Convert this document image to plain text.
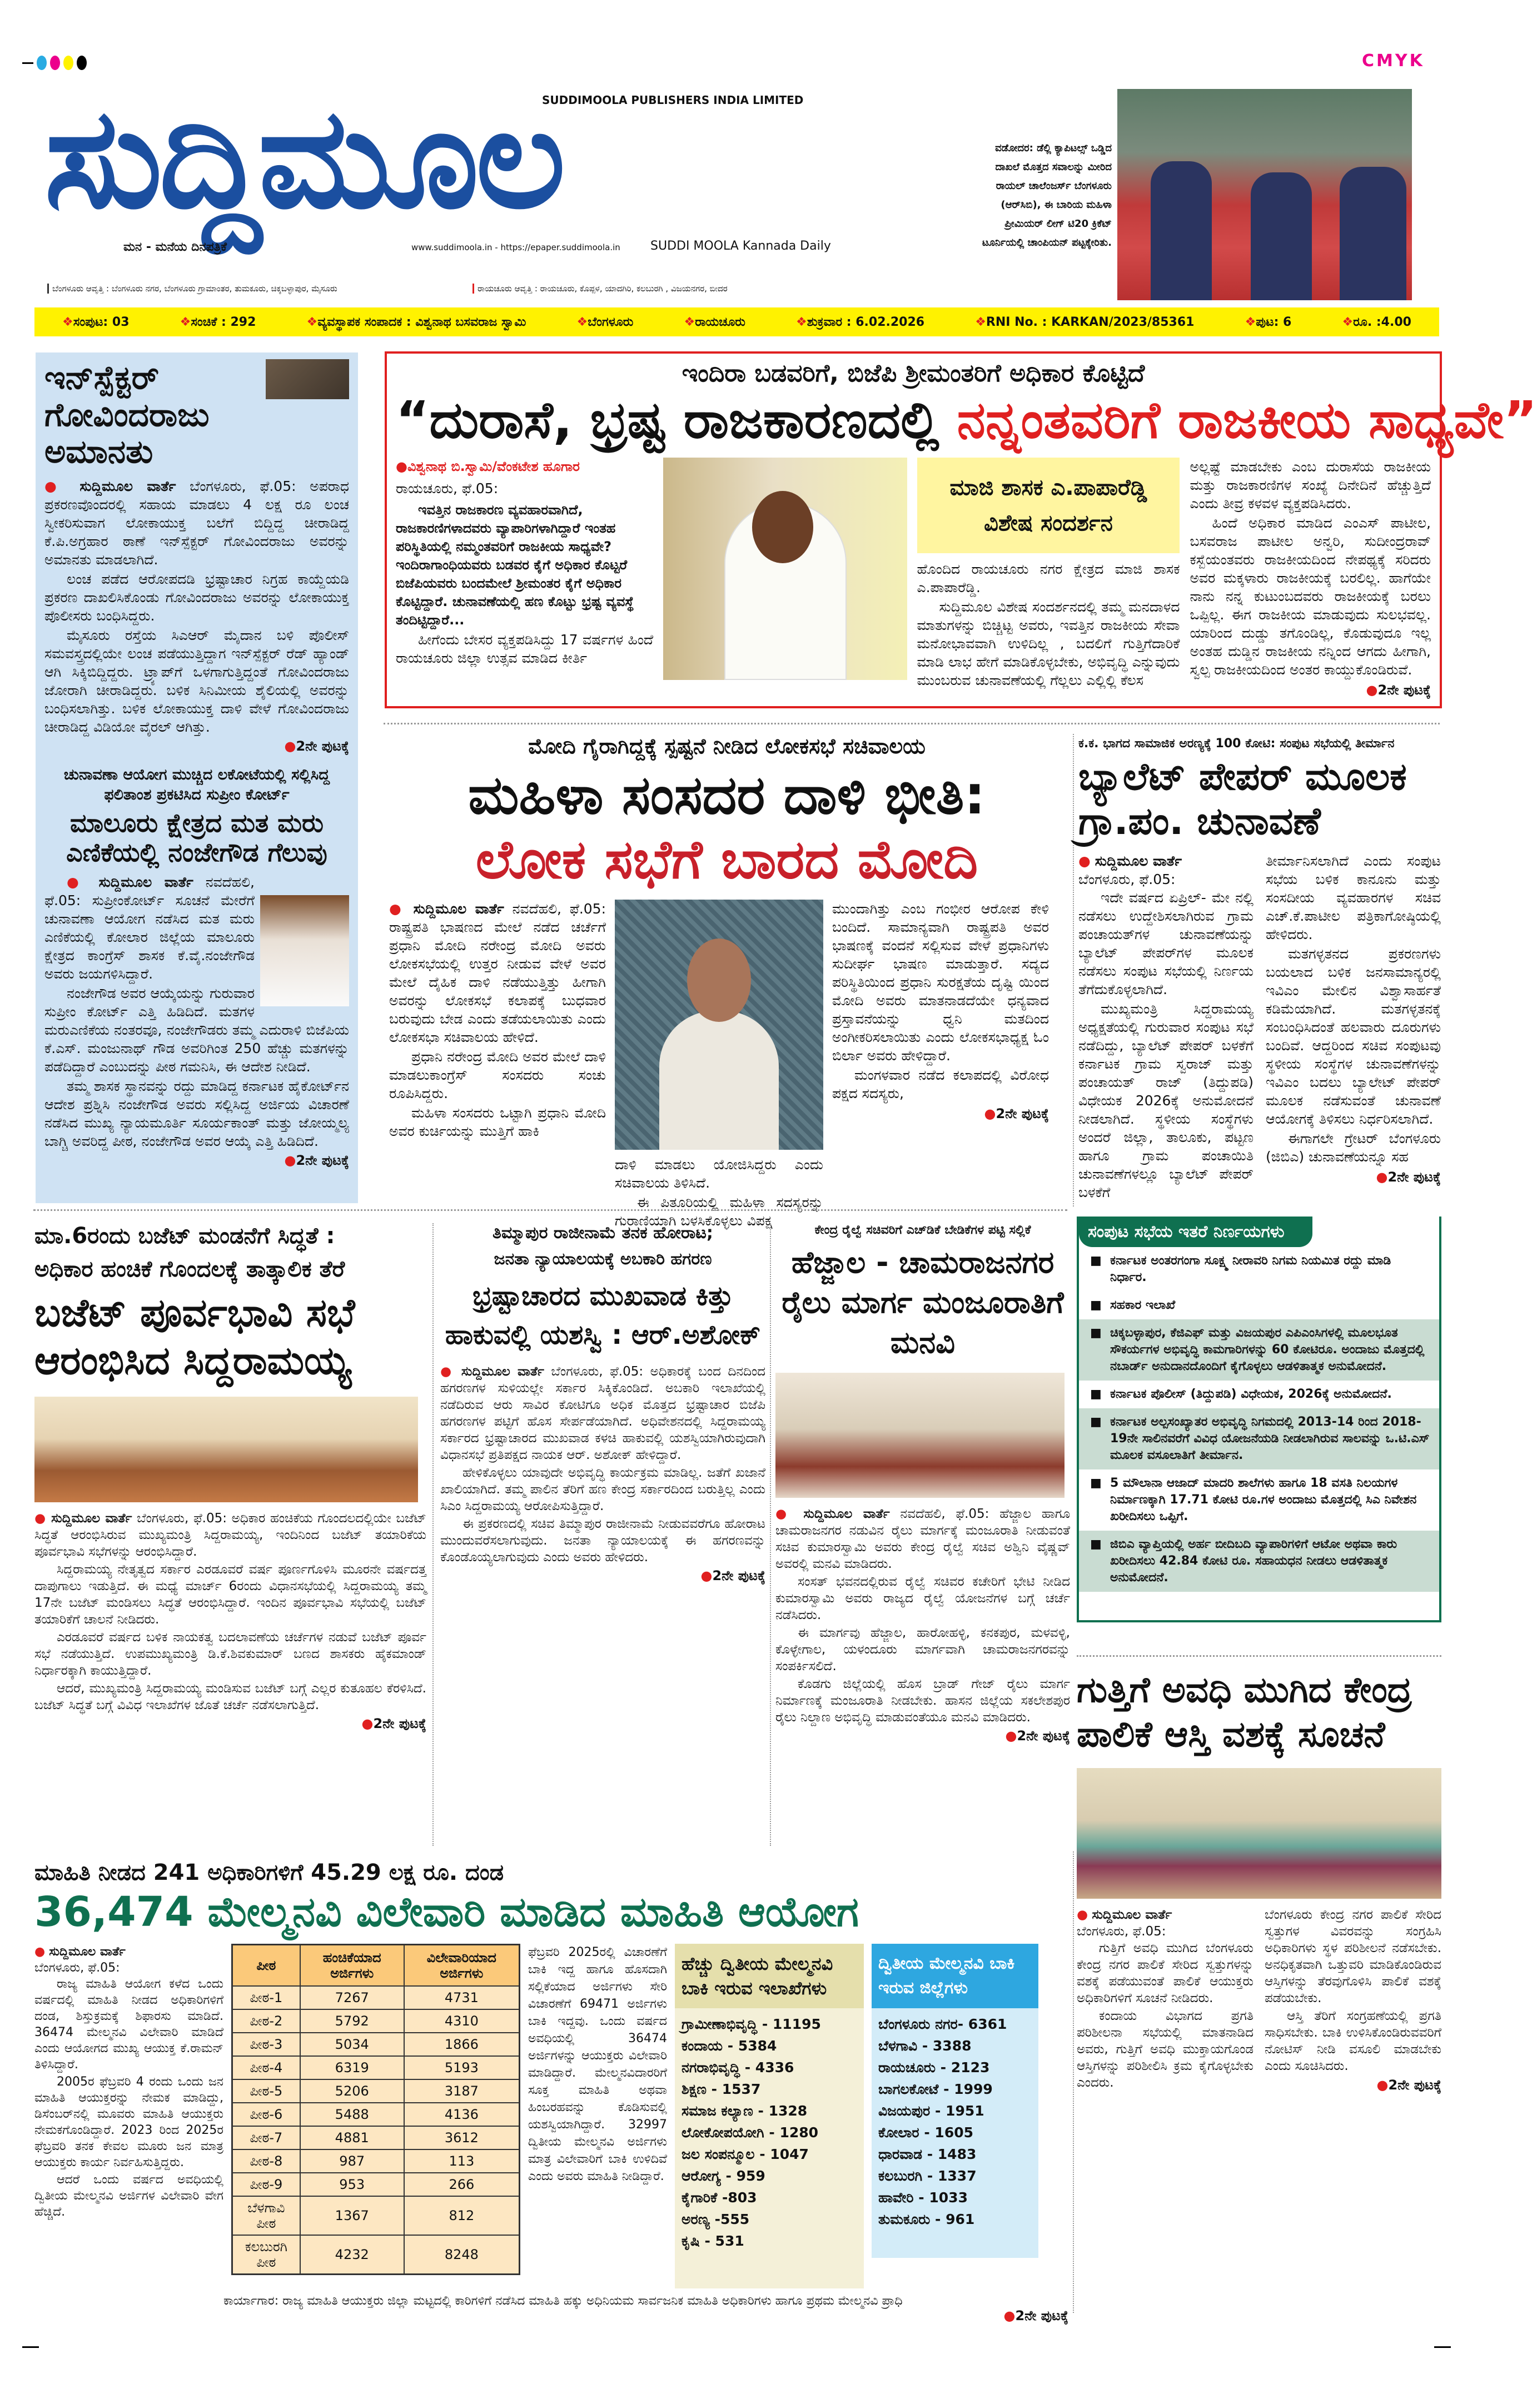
CMYK
ಸುದ್ದಿಮೂಲ
SUDDIMOOLA PUBLISHERS INDIA LIMITED
ಮನ - ಮನೆಯ ದಿನಪತ್ರಿಕೆ	www.suddimoola.in - https://epaper.suddimoola.in SUDDI MOOLA Kannada Daily
ಬೆಂಗಳೂರು ಆವೃತ್ತಿ : ಬೆಂಗಳೂರು ನಗರ, ಬೆಂಗಳೂರು ಗ್ರಾಮಾಂತರ, ತುಮಕೂರು, ಚಿಕ್ಕಬಳ್ಳಾಪುರ, ಮೈಸೂರು	ರಾಯಚೂರು ಆವೃತ್ತಿ : ರಾಯಚೂರು, ಕೊಪ್ಪಳ, ಯಾದಗಿರಿ, ಕಲಬುರಗಿ , ವಿಜಯನಗರ, ಬೀದರ
ವಡೋದರ: ಡೆಲ್ಲಿ ಕ್ಯಾಪಿಟಲ್ಸ್ ಒಡ್ಡಿದ ದಾಖಲೆ ಮೊತ್ತದ ಸವಾಲನ್ನು ಮೀರಿದ ರಾಯಲ್ ಚಾಲೆಂಜರ್ಸ್ ಬೆಂಗಳೂರು (ಆರ್‌ಸಿಬಿ), ಈ ಬಾರಿಯ ಮಹಿಳಾ ಪ್ರೀಮಿಯರ್ ಲೀಗ್ ಟಿ20 ಕ್ರಿಕೆಟ್ ಟೂರ್ನಿಯಲ್ಲಿ ಚಾಂಪಿಯನ್ ಪಟ್ಟಕ್ಕೇರಿತು.
❖ಸಂಪುಟ: 03	❖ಸಂಚಿಕೆ : 292	❖ವ್ಯವಸ್ಥಾಪಕ ಸಂಪಾದಕ : ವಿಶ್ವನಾಥ ಬಸವರಾಜ ಸ್ವಾಮಿ	❖ಬೆಂಗಳೂರು	❖ರಾಯಚೂರು	❖ಶುಕ್ರವಾರ : 6.02.2026	❖RNI No. : KARKAN/2023/85361	❖ಪುಟ: 6	❖ರೂ. :4.00
ಇನ್‌ಸ್ಪೆಕ್ಟರ್ ಗೋವಿಂದರಾಜು ಅಮಾನತು

● ಸುದ್ದಿಮೂಲ ವಾರ್ತೆ ಬೆಂಗಳೂರು, ಫೆ.05: ಅಪರಾಧ ಪ್ರಕರಣವೊಂದರಲ್ಲಿ ಸಹಾಯ ಮಾಡಲು 4 ಲಕ್ಷ ರೂ ಲಂಚ ಸ್ವೀಕರಿಸುವಾಗ ಲೋಕಾಯುಕ್ತ ಬಲೆಗೆ ಬಿದ್ದಿದ್ದ ಚೀರಾಡಿದ್ದ ಕೆ.ಪಿ.ಅಗ್ರಹಾರ ಠಾಣೆ ಇನ್‌ಸ್ಪೆಕ್ಟರ್ ಗೋವಿಂದರಾಜು ಅವರನ್ನು ಅಮಾನತು ಮಾಡಲಾಗಿದೆ.

ಲಂಚ ಪಡೆದ ಆರೋಪದಡಿ ಭ್ರಷ್ಟಾಚಾರ ನಿಗ್ರಹ ಕಾಯ್ದೆಯಡಿ ಪ್ರಕರಣ ದಾಖಲಿಸಿಕೊಂಡು ಗೋವಿಂದರಾಜು ಅವರನ್ನು ಲೋಕಾಯುಕ್ತ ಪೊಲೀಸರು ಬಂಧಿಸಿದ್ದರು.

ಮೈಸೂರು ರಸ್ತೆಯ ಸಿಎಆರ್ ಮೈದಾನ ಬಳಿ ಪೊಲೀಸ್ ಸಮವಸ್ತ್ರದಲ್ಲಿಯೇ ಲಂಚ ಪಡೆಯುತ್ತಿದ್ದಾಗ ಇನ್‌ಸ್ಪೆಕ್ಟರ್ ರೆಡ್ ಹ್ಯಾಂಡ್ ಆಗಿ ಸಿಕ್ಕಿಬಿದ್ದಿದ್ದರು. ಟ್ರ್ಯಾಪ್‌ಗೆ ಒಳಗಾಗುತ್ತಿದ್ದಂತೆ ಗೋವಿಂದರಾಜು ಜೋರಾಗಿ ಚೀರಾಡಿದ್ದರು. ಬಳಿಕ ಸಿನಿಮೀಯ ಶೈಲಿಯಲ್ಲಿ ಅವರನ್ನು ಬಂಧಿಸಲಾಗಿತ್ತು. ಬಳಿಕ ಲೋಕಾಯುಕ್ತ ದಾಳಿ ವೇಳೆ ಗೋವಿಂದರಾಜು ಚೀರಾಡಿದ್ದ ವಿಡಿಯೋ ವೈರಲ್ ಆಗಿತ್ತು.

●2ನೇ ಪುಟಕ್ಕೆ
ಚುನಾವಣಾ ಆಯೋಗ ಮುಚ್ಚಿದ ಲಕೋಟೆಯಲ್ಲಿ ಸಲ್ಲಿಸಿದ್ದ ಫಲಿತಾಂಶ ಪ್ರಕಟಿಸಿದ ಸುಪ್ರೀಂ ಕೋರ್ಟ್
ಮಾಲೂರು ಕ್ಷೇತ್ರದ ಮತ ಮರು ಎಣಿಕೆಯಲ್ಲಿ ನಂಜೇಗೌಡ ಗೆಲುವು

● ಸುದ್ದಿಮೂಲ ವಾರ್ತೆ ನವದೆಹಲಿ, ಫೆ.05: ಸುಪ್ರೀಂಕೋರ್ಟ್ ಸೂಚನೆ ಮೇರೆಗೆ ಚುನಾವಣಾ ಆಯೋಗ ನಡೆಸಿದ ಮತ ಮರು ಎಣಿಕೆಯಲ್ಲಿ ಕೋಲಾರ ಜಿಲ್ಲೆಯ ಮಾಲೂರು ಕ್ಷೇತ್ರದ ಕಾಂಗ್ರೆಸ್ ಶಾಸಕ ಕೆ.ವೈ.ನಂಜೇಗೌಡ ಅವರು ಜಯಗಳಿಸಿದ್ದಾರೆ.

ನಂಜೇಗೌಡ ಅವರ ಆಯ್ಕೆಯನ್ನು ಗುರುವಾರ ಸುಪ್ರೀಂ ಕೋರ್ಟ್ ಎತ್ತಿ ಹಿಡಿದಿದೆ. ಮತಗಳ ಮರುಎಣಿಕೆಯ ನಂತರವೂ, ನಂಜೇಗೌಡರು ತಮ್ಮ ಎದುರಾಳಿ ಬಿಜೆಪಿಯ ಕೆ.ಎಸ್. ಮಂಜುನಾಥ್ ಗೌಡ ಅವರಿಗಿಂತ 250 ಹೆಚ್ಚು ಮತಗಳನ್ನು ಪಡೆದಿದ್ದಾರೆ ಎಂಬುದನ್ನು ಪೀಠ ಗಮನಿಸಿ, ಈ ಆದೇಶ ನೀಡಿದೆ.

ತಮ್ಮ ಶಾಸಕ ಸ್ಥಾನವನ್ನು ರದ್ದು ಮಾಡಿದ್ದ ಕರ್ನಾಟಕ ಹೈಕೋರ್ಟ್‌ನ ಆದೇಶ ಪ್ರಶ್ನಿಸಿ ನಂಜೇಗೌಡ ಅವರು ಸಲ್ಲಿಸಿದ್ದ ಅರ್ಜಿಯ ವಿಚಾರಣೆ ನಡೆಸಿದ ಮುಖ್ಯ ನ್ಯಾಯಮೂರ್ತಿ ಸೂರ್ಯಕಾಂತ್ ಮತ್ತು ಜೋಯ್ಮಲ್ಯ ಬಾಗ್ಚಿ ಅವರಿದ್ದ ಪೀಠ, ನಂಜೇಗೌಡ ಅವರ ಆಯ್ಕೆ ಎತ್ತಿ ಹಿಡಿದಿದೆ.

●2ನೇ ಪುಟಕ್ಕೆ
ಇಂದಿರಾ ಬಡವರಿಗೆ, ಬಿಜೆಪಿ ಶ್ರೀಮಂತರಿಗೆ ಅಧಿಕಾರ ಕೊಟ್ಟಿದೆ
“ದುರಾಸೆ, ಭ್ರಷ್ಟ ರಾಜಕಾರಣದಲ್ಲಿ ನನ್ನಂತವರಿಗೆ ರಾಜಕೀಯ ಸಾಧ್ಯವೇ”
●ವಿಶ್ವನಾಥ ಬಿ.ಸ್ವಾಮಿ/ವೆಂಕಟೇಶ ಹೂಗಾರ
ರಾಯಚೂರು, ಫೆ.05:

ಇವತ್ತಿನ ರಾಜಕಾರಣ ವ್ಯವಹಾರವಾಗಿದೆ, ರಾಜಕಾರಣಿಗಳಾದವರು ವ್ಯಾಪಾರಿಗಳಾಗಿದ್ದಾರೆ ಇಂತಹ ಪರಿಸ್ಥಿತಿಯಲ್ಲಿ ನಮ್ಮಂತವರಿಗೆ ರಾಜಕೀಯ ಸಾಧ್ಯವೇ? ಇಂದಿರಾಗಾಂಧಿಯವರು ಬಡವರ ಕೈಗೆ ಅಧಿಕಾರ ಕೊಟ್ಟರೆ ಬಿಜೆಪಿಯವರು ಬಂದಮೇಲೆ ಶ್ರೀಮಂತರ ಕೈಗೆ ಅಧಿಕಾರ ಕೊಟ್ಟಿದ್ದಾರೆ. ಚುನಾವಣೆಯಲ್ಲಿ ಹಣ ಕೊಟ್ಟು ಭ್ರಷ್ಟ ವ್ಯವಸ್ಥೆ ತಂದಿಟ್ಟಿದ್ದಾರೆ...

ಹೀಗೆಂದು ಬೇಸರ ವ್ಯಕ್ತಪಡಿಸಿದ್ದು 17 ವರ್ಷಗಳ ಹಿಂದೆ ರಾಯಚೂರು ಜಿಲ್ಲಾ ಉತ್ಸವ ಮಾಡಿದ ಕೀರ್ತಿ

ಮಾಜಿ ಶಾಸಕ ಎ.ಪಾಪಾರೆಡ್ಡಿ
ವಿಶೇಷ ಸಂದರ್ಶನ

ಹೊಂದಿದ ರಾಯಚೂರು ನಗರ ಕ್ಷೇತ್ರದ ಮಾಜಿ ಶಾಸಕ ಎ.ಪಾಪಾರೆಡ್ಡಿ.

ಸುದ್ದಿಮೂಲ ವಿಶೇಷ ಸಂದರ್ಶನದಲ್ಲಿ ತಮ್ಮ ಮನದಾಳದ ಮಾತುಗಳನ್ನು ಬಿಚ್ಚಿಟ್ಟ ಅವರು, ಇವತ್ತಿನ ರಾಜಕೀಯ ಸೇವಾ ಮನೋಭಾವವಾಗಿ ಉಳಿದಿಲ್ಲ , ಬದಲಿಗೆ ಗುತ್ತಿಗೆದಾರಿಕೆ ಮಾಡಿ ಲಾಭ ಹೇಗೆ ಮಾಡಿಕೊಳ್ಳಬೇಕು, ಅಭಿವೃದ್ಧಿ ಎನ್ನುವುದು ಮುಂಬರುವ ಚುನಾವಣೆಯಲ್ಲಿ ಗೆಲ್ಲಲು ಎಲ್ಲಿಲ್ಲಿ ಕೆಲಸ

ಅಲ್ಲಷ್ಟೆ ಮಾಡಬೇಕು ಎಂಬ ದುರಾಸೆಯ ರಾಜಕೀಯ ಮತ್ತು ರಾಜಕಾರಣಿಗಳ ಸಂಖ್ಯೆ ದಿನೇದಿನೆ ಹೆಚ್ಚುತ್ತಿದೆ ಎಂದು ತೀವ್ರ ಕಳವಳ ವ್ಯಕ್ತಪಡಿಸಿದರು.

ಹಿಂದೆ ಅಧಿಕಾರ ಮಾಡಿದ ಎಂಎಸ್ ಪಾಟೀಲ, ಬಸವರಾಜ ಪಾಟೀಲ ಅನ್ವರಿ, ಸುದೀಂದ್ರರಾವ್ ಕಸ್ಬೆಯಂತವರು ರಾಜಕೀಯದಿಂದ ನೇಪಥ್ಯಕ್ಕೆ ಸರಿದರು ಅವರ ಮಕ್ಕಳಾರು ರಾಜಕೀಯಕ್ಕೆ ಬರಲಿಲ್ಲ. ಹಾಗೆಯೇ ನಾನು ನನ್ನ ಕುಟುಂಬದವರು ರಾಜಕೀಯಕ್ಕೆ ಬರಲು ಒಪ್ಪಿಲ್ಲ. ಈಗ ರಾಜಕೀಯ ಮಾಡುವುದು ಸುಲಭವಲ್ಲ. ಯಾರಿಂದ ದುಡ್ಡು ತಗೊಂಡಿಲ್ಲ, ಕೊಡುವುದೂ ಇಲ್ಲ ಅಂತಹ ದುಡ್ಡಿನ ರಾಜಕೀಯ ನನ್ನಿಂದ ಆಗದು ಹೀಗಾಗಿ, ಸ್ವಲ್ಪ ರಾಜಕೀಯದಿಂದ ಅಂತರ ಕಾಯ್ದುಕೊಂಡಿರುವೆ.

●2ನೇ ಪುಟಕ್ಕೆ
ಮೋದಿ ಗೈರಾಗಿದ್ದಕ್ಕೆ ಸ್ಪಷ್ಟನೆ ನೀಡಿದ ಲೋಕಸಭೆ ಸಚಿವಾಲಯ
ಮಹಿಳಾ ಸಂಸದರ ದಾಳಿ ಭೀತಿ:
ಲೋಕ ಸಭೆಗೆ ಬಾರದ ಮೋದಿ

● ಸುದ್ದಿಮೂಲ ವಾರ್ತೆ ನವದೆಹಲಿ, ಫೆ.05: ರಾಷ್ಟ್ರಪತಿ ಭಾಷಣದ ಮೇಲೆ ನಡೆದ ಚರ್ಚೆಗೆ ಪ್ರಧಾನಿ ಮೋದಿ ನರೇಂದ್ರ ಮೋದಿ ಅವರು ಲೋಕಸಭೆಯಲ್ಲಿ ಉತ್ತರ ನೀಡುವ ವೇಳೆ ಅವರ ಮೇಲೆ ದೈಹಿಕ ದಾಳಿ ನಡೆಯುತ್ತಿತ್ತು ಹೀಗಾಗಿ ಅವರನ್ನು ಲೋಕಸಭೆ ಕಲಾಪಕ್ಕೆ ಬುಧವಾರ ಬರುವುದು ಬೇಡ ಎಂದು ತಡೆಯಲಾಯಿತು ಎಂದು ಲೋಕಸಭಾ ಸಚಿವಾಲಯ ಹೇಳಿದೆ.

ಪ್ರಧಾನಿ ನರೇಂದ್ರ ಮೋದಿ ಅವರ ಮೇಲೆ ದಾಳಿ ಮಾಡಲುಕಾಂಗ್ರೆಸ್ ಸಂಸದರು ಸಂಚು ರೂಪಿಸಿದ್ದರು.

ಮಹಿಳಾ ಸಂಸದರು ಒಟ್ಟಾಗಿ ಪ್ರಧಾನಿ ಮೋದಿ ಅವರ ಕುರ್ಚಿಯನ್ನು ಮುತ್ತಿಗೆ ಹಾಕಿ

ದಾಳಿ ಮಾಡಲು ಯೋಜಿಸಿದ್ದರು ಎಂದು ಸಚಿವಾಲಯ ತಿಳಿಸಿದೆ.

ಈ ಪಿತೂರಿಯಲ್ಲಿ ಮಹಿಳಾ ಸದಸ್ಯರನ್ನು ಗುರಾಣಿಯಾಗಿ ಬಳಸಿಕೊಳ್ಳಲು ವಿಪಕ್ಷ

ಮುಂದಾಗಿತ್ತು ಎಂಬ ಗಂಭೀರ ಆರೋಪ ಕೇಳಿ ಬಂದಿದೆ. ಸಾಮಾನ್ಯವಾಗಿ ರಾಷ್ಟ್ರಪತಿ ಅವರ ಭಾಷಣಕ್ಕೆ ವಂದನೆ ಸಲ್ಲಿಸುವ ವೇಳೆ ಪ್ರಧಾನಿಗಳು ಸುದೀರ್ಘ ಭಾಷಣ ಮಾಡುತ್ತಾರೆ. ಸದ್ಯದ ಪರಿಸ್ಥಿತಿಯಿಂದ ಪ್ರಧಾನಿ ಸುರಕ್ಷತೆಯ ದೃಷ್ಟಿ ಯಿಂದ ಮೋದಿ ಅವರು ಮಾತನಾಡದೆಯೇ ಧನ್ಯವಾದ ಪ್ರಸ್ತಾವನೆಯನ್ನು ಧ್ವನಿ ಮತದಿಂದ ಅಂಗೀಕರಿಸಲಾಯಿತು ಎಂದು ಲೋಕಸಭಾಧ್ಯಕ್ಷ ಓಂ ಬಿರ್ಲಾ ಅವರು ಹೇಳಿದ್ದಾರೆ.

ಮಂಗಳವಾರ ನಡೆದ ಕಲಾಪದಲ್ಲಿ ವಿರೋಧ ಪಕ್ಷದ ಸದಸ್ಯರು,

●2ನೇ ಪುಟಕ್ಕೆ
ಕ.ಕ. ಭಾಗದ ಸಾಮಾಜಿಕ ಅರಣ್ಯಕ್ಕೆ 100 ಕೋಟಿ: ಸಂಪುಟ ಸಭೆಯಲ್ಲಿ ತೀರ್ಮಾನ
ಬ್ಯಾಲೆಟ್ ಪೇಪರ್ ಮೂಲಕ ಗ್ರಾ.ಪಂ. ಚುನಾವಣೆ
● ಸುದ್ದಿಮೂಲ ವಾರ್ತೆ
ಬೆಂಗಳೂರು, ಫೆ.05:

ಇದೇ ವರ್ಷದ ಏಪ್ರಿಲ್- ಮೇ ನಲ್ಲಿ ನಡೆಸಲು ಉದ್ದೇಶಿಸಲಾಗಿರುವ ಗ್ರಾಮ ಪಂಚಾಯತ್‌ಗಳ ಚುನಾವಣೆಯನ್ನು ಬ್ಯಾಲೆಟ್ ಪೇಪರ್‌ಗಳ ಮೂಲಕ ನಡೆಸಲು ಸಂಪುಟ ಸಭೆಯಲ್ಲಿ ನಿರ್ಣಯ ತೆಗೆದುಕೊಳ್ಳಲಾಗಿದೆ.

ಮುಖ್ಯಮಂತ್ರಿ ಸಿದ್ದರಾಮಯ್ಯ ಅಧ್ಯಕ್ಷತೆಯಲ್ಲಿ ಗುರುವಾರ ಸಂಪುಟ ಸಭೆ ನಡೆದಿದ್ದು, ಬ್ಯಾಲೆಟ್ ಪೇಪರ್ ಬಳಕೆಗೆ ಕರ್ನಾಟಕ ಗ್ರಾಮ ಸ್ವರಾಜ್ ಮತ್ತು ಪಂಚಾಯತ್ ರಾಜ್ (ತಿದ್ದುಪಡಿ) ವಿಧೇಯಕ 2026ಕ್ಕೆ ಅನುಮೋದನೆ ನೀಡಲಾಗಿದೆ. ಸ್ಥಳೀಯ ಸಂಸ್ಥೆಗಳು ಅಂದರೆ ಜಿಲ್ಲಾ, ತಾಲೂಕು, ಪಟ್ಟಣ ಹಾಗೂ ಗ್ರಾಮ ಪಂಚಾಯಿತಿ ಚುನಾವಣೆಗಳಲ್ಲೂ ಬ್ಯಾಲೆಟ್ ಪೇಪರ್ ಬಳಕೆಗೆ

ತೀರ್ಮಾನಿಸಲಾಗಿದೆ ಎಂದು ಸಂಪುಟ ಸಭೆಯ ಬಳಿಕ ಕಾನೂನು ಮತ್ತು ಸಂಸದೀಯ ವ್ಯವಹಾರಗಳ ಸಚಿವ ಎಚ್.ಕೆ.ಪಾಟೀಲ ಪತ್ರಿಕಾಗೋಷ್ಠಿಯಲ್ಲಿ ಹೇಳಿದರು.

ಮತಗಳ್ಳತನದ ಪ್ರಕರಣಗಳು ಬಯಲಾದ ಬಳಿಕ ಜನಸಾಮಾನ್ಯರಲ್ಲಿ ಇವಿಎಂ ಮೇಲಿನ ವಿಶ್ವಾಸಾರ್ಹತೆ ಕಡಿಮೆಯಾಗಿದೆ. ಮತಗಳ್ಳತನಕ್ಕೆ ಸಂಬಂಧಿಸಿದಂತೆ ಹಲವಾರು ದೂರುಗಳು ಬಂದಿವೆ. ಆದ್ದರಿಂದ ಸಚಿವ ಸಂಪುಟವು ಸ್ಥಳೀಯ ಸಂಸ್ಥೆಗಳ ಚುನಾವಣೆಗಳನ್ನು ಇವಿಎಂ ಬದಲು ಬ್ಯಾಲೇಟ್ ಪೇಪರ್ ಮೂಲಕ ನಡೆಸುವಂತೆ ಚುನಾವಣೆ ಆಯೋಗಕ್ಕೆ ತಿಳಿಸಲು ನಿರ್ಧರಿಸಲಾಗಿದೆ.

ಈಗಾಗಲೇ ಗ್ರೇಟರ್ ಬೆಂಗಳೂರು (ಜಿಬಿಎ) ಚುನಾವಣೆಯನ್ನೂ ಸಹ

●2ನೇ ಪುಟಕ್ಕೆ
ಮಾ.6ರಂದು ಬಜೆಟ್ ಮಂಡನೆಗೆ ಸಿದ್ಧತೆ :
ಅಧಿಕಾರ ಹಂಚಿಕೆ ಗೊಂದಲಕ್ಕೆ ತಾತ್ಕಾಲಿಕ ತೆರೆ
ಬಜೆಟ್ ಪೂರ್ವಭಾವಿ ಸಭೆ ಆರಂಭಿಸಿದ ಸಿದ್ದರಾಮಯ್ಯ

● ಸುದ್ದಿಮೂಲ ವಾರ್ತೆ ಬೆಂಗಳೂರು, ಫೆ.05: ಅಧಿಕಾರ ಹಂಚಿಕೆಯ ಗೊಂದಲದಲ್ಲಿಯೇ ಬಜೆಟ್ ಸಿದ್ಧತೆ ಆರಂಭಿಸಿರುವ ಮುಖ್ಯಮಂತ್ರಿ ಸಿದ್ದರಾಮಯ್ಯ, ಇಂದಿನಿಂದ ಬಜೆಟ್ ತಯಾರಿಕೆಯ ಪೂರ್ವಭಾವಿ ಸಭೆಗಳನ್ನು ಆರಂಭಿಸಿದ್ದಾರೆ.

ಸಿದ್ದರಾಮಯ್ಯ ನೇತೃತ್ವದ ಸರ್ಕಾರ ಎರಡೂವರೆ ವರ್ಷ ಪೂರ್ಣಗೊಳಿಸಿ ಮೂರನೇ ವರ್ಷದತ್ತ ದಾಪುಗಾಲು ಇಡುತ್ತಿದೆ. ಈ ಮಧ್ಯೆ ಮಾರ್ಚ್ 6ರಂದು ವಿಧಾನಸಭೆಯಲ್ಲಿ ಸಿದ್ದರಾಮಯ್ಯ ತಮ್ಮ 17ನೇ ಬಜೆಟ್ ಮಂಡಿಸಲು ಸಿದ್ಧತೆ ಆರಂಭಿಸಿದ್ದಾರೆ. ಇಂದಿನ ಪೂರ್ವಭಾವಿ ಸಭೆಯಲ್ಲಿ ಬಜೆಟ್ ತಯಾರಿಕೆಗೆ ಚಾಲನೆ ನೀಡಿದರು.

ಎರಡೂವರೆ ವರ್ಷದ ಬಳಿಕ ನಾಯಕತ್ವ ಬದಲಾವಣೆಯ ಚರ್ಚೆಗಳ ನಡುವೆ ಬಜೆಟ್ ಪೂರ್ವ ಸಭೆ ನಡೆಯುತ್ತಿದೆ. ಉಪಮುಖ್ಯಮಂತ್ರಿ ಡಿ.ಕೆ.ಶಿವಕುಮಾರ್ ಬಣದ ಶಾಸಕರು ಹೈಕಮಾಂಡ್ ನಿರ್ಧಾರಕ್ಕಾಗಿ ಕಾಯುತ್ತಿದ್ದಾರೆ.

ಆದರೆ, ಮುಖ್ಯಮಂತ್ರಿ ಸಿದ್ದರಾಮಯ್ಯ ಮಂಡಿಸುವ ಬಜೆಟ್ ಬಗ್ಗೆ ಎಲ್ಲರ ಕುತೂಹಲ ಕೆರಳಿಸಿದೆ. ಬಜೆಟ್ ಸಿದ್ಧತೆ ಬಗ್ಗೆ ವಿವಿಧ ಇಲಾಖೆಗಳ ಜೊತೆ ಚರ್ಚೆ ನಡೆಸಲಾಗುತ್ತಿದೆ.

●2ನೇ ಪುಟಕ್ಕೆ
ತಿಮ್ಮಾಪುರ ರಾಜೀನಾಮೆ ತನಕ ಹೋರಾಟ;
ಜನತಾ ನ್ಯಾಯಾಲಯಕ್ಕೆ ಅಬಕಾರಿ ಹಗರಣ
ಭ್ರಷ್ಟಾಚಾರದ ಮುಖವಾಡ ಕಿತ್ತು ಹಾಕುವಲ್ಲಿ ಯಶಸ್ವಿ : ಆರ್.ಅಶೋಕ್

● ಸುದ್ದಿಮೂಲ ವಾರ್ತೆ ಬೆಂಗಳೂರು, ಫೆ.05: ಅಧಿಕಾರಕ್ಕೆ ಬಂದ ದಿನದಿಂದ ಹಗರಣಗಳ ಸುಳಿಯಲ್ಲೇ ಸರ್ಕಾರ ಸಿಕ್ಕಿಕೊಂಡಿದೆ. ಅಬಕಾರಿ ಇಲಾಖೆಯಲ್ಲಿ ನಡೆದಿರುವ ಆರು ಸಾವಿರ ಕೋಟಿಗೂ ಅಧಿಕ ಮೊತ್ತದ ಭ್ರಷ್ಟಾಚಾರ ಬಿಜೆಪಿ ಹಗರಣಗಳ ಪಟ್ಟಿಗೆ ಹೊಸ ಸೇರ್ಪಡೆಯಾಗಿದೆ. ಅಧಿವೇಶನದಲ್ಲಿ ಸಿದ್ದರಾಮಯ್ಯ ಸರ್ಕಾರದ ಭ್ರಷ್ಟಾಚಾರದ ಮುಖವಾಡ ಕಳಚಿ ಹಾಕುವಲ್ಲಿ ಯಶಸ್ವಿಯಾಗಿರುವುದಾಗಿ ವಿಧಾನಸಭೆ ಪ್ರತಿಪಕ್ಷದ ನಾಯಕ ಆರ್. ಅಶೋಕ್ ಹೇಳಿದ್ದಾರೆ.

ಹೇಳಿಕೊಳ್ಳಲು ಯಾವುದೇ ಅಭಿವೃದ್ಧಿ ಕಾರ್ಯಕ್ರಮ ಮಾಡಿಲ್ಲ. ಜತೆಗೆ ಖಜಾನೆ ಖಾಲಿಯಾಗಿದೆ. ತಮ್ಮ ಪಾಲಿನ ತೆರಿಗೆ ಹಣ ಕೇಂದ್ರ ಸರ್ಕಾರದಿಂದ ಬರುತ್ತಿಲ್ಲ ಎಂದು ಸಿಎಂ ಸಿದ್ದರಾಮಯ್ಯ ಆರೋಪಿಸುತ್ತಿದ್ದಾರೆ.

ಈ ಪ್ರಕರಣದಲ್ಲಿ ಸಚಿವ ತಿಮ್ಮಾಪುರ ರಾಜೀನಾಮೆ ನೀಡುವವರೆಗೂ ಹೋರಾಟ ಮುಂದುವರೆಸಲಾಗುವುದು. ಜನತಾ ನ್ಯಾಯಾಲಯಕ್ಕೆ ಈ ಹಗರಣವನ್ನು ಕೊಂಡೊಯ್ಯಲಾಗುವುದು ಎಂದು ಅವರು ಹೇಳಿದರು.

●2ನೇ ಪುಟಕ್ಕೆ
ಕೇಂದ್ರ ರೈಲ್ವೆ ಸಚಿವರಿಗೆ ಎಚ್‌ಡಿಕೆ ಬೇಡಿಕೆಗಳ ಪಟ್ಟಿ ಸಲ್ಲಿಕೆ
ಹೆಜ್ಜಾಲ - ಚಾಮರಾಜನಗರ ರೈಲು ಮಾರ್ಗ ಮಂಜೂರಾತಿಗೆ ಮನವಿ

● ಸುದ್ದಿಮೂಲ ವಾರ್ತೆ ನವದೆಹಲಿ, ಫೆ.05: ಹೆಜ್ಜಾಲ ಹಾಗೂ ಚಾಮರಾಜನಗರ ನಡುವಿನ ರೈಲು ಮಾರ್ಗಕ್ಕೆ ಮಂಜೂರಾತಿ ನೀಡುವಂತೆ ಸಚಿವ ಕುಮಾರಸ್ವಾಮಿ ಅವರು ಕೇಂದ್ರ ರೈಲ್ವೆ ಸಚಿವ ಅಶ್ವಿನಿ ವೈಷ್ಣವ್ ಅವರಲ್ಲಿ ಮನವಿ ಮಾಡಿದರು.

ಸಂಸತ್ ಭವನದಲ್ಲಿರುವ ರೈಲ್ವೆ ಸಚಿವರ ಕಚೇರಿಗೆ ಭೇಟಿ ನೀಡಿದ ಕುಮಾರಸ್ವಾಮಿ ಅವರು ರಾಜ್ಯದ ರೈಲ್ವೆ ಯೋಜನೆಗಳ ಬಗ್ಗೆ ಚರ್ಚೆ ನಡೆಸಿದರು.

ಈ ಮಾರ್ಗವು ಹೆಜ್ಜಾಲ, ಹಾರೋಹಳ್ಳಿ, ಕನಕಪುರ, ಮಳವಳ್ಳಿ, ಕೊಳ್ಳೇಗಾಲ, ಯಳಂದೂರು ಮಾರ್ಗವಾಗಿ ಚಾಮರಾಜನಗರವನ್ನು ಸಂಪರ್ಕಿಸಲಿದೆ.

ಕೊಡಗು ಜಿಲ್ಲೆಯಲ್ಲಿ ಹೊಸ ಬ್ರಾಡ್ ಗೇಜ್ ರೈಲು ಮಾರ್ಗ ನಿರ್ಮಾಣಕ್ಕೆ ಮಂಜೂರಾತಿ ನೀಡಬೇಕು. ಹಾಸನ ಜಿಲ್ಲೆಯ ಸಕಲೇಶಪುರ ರೈಲು ನಿಲ್ದಾಣ ಅಭಿವೃದ್ಧಿ ಮಾಡುವಂತೆಯೂ ಮನವಿ ಮಾಡಿದರು.

●2ನೇ ಪುಟಕ್ಕೆ
ಸಂಪುಟ ಸಭೆಯ ಇತರೆ ನಿರ್ಣಯಗಳು
■ ಕರ್ನಾಟಕ ಅಂತರಗಂಗಾ ಸೂಕ್ಷ್ಮ ನೀರಾವರಿ ನಿಗಮ ನಿಯಮಿತ ರದ್ದು ಮಾಡಿ ನಿರ್ಧಾರ.
■ ಸಹಕಾರ ಇಲಾಖೆ
■ ಚಿಕ್ಕಬಳ್ಳಾಪುರ, ಕೆಜಿಎಫ್ ಮತ್ತು ವಿಜಯಪುರ ಎಪಿಎಂಸಿಗಳಲ್ಲಿ ಮೂಲಭೂತ ಸೌಕರ್ಯಗಳ ಅಭಿವೃದ್ಧಿ ಕಾಮಗಾರಿಗಳನ್ನು 60 ಕೋಟಿರೂ. ಅಂದಾಜು ಮೊತ್ತದಲ್ಲಿ ನಬಾರ್ಡ್ ಅನುದಾನದೊಂದಿಗೆ ಕೈಗೊಳ್ಳಲು ಆಡಳಿತಾತ್ಮಕ ಅನುಮೋದನೆ.
■ ಕರ್ನಾಟಕ ಪೊಲೀಸ್ (ತಿದ್ದುಪಡಿ) ವಿಧೇಯಕ, 2026ಕ್ಕೆ ಅನುಮೋದನೆ.
■ ಕರ್ನಾಟಕ ಅಲ್ಪಸಂಖ್ಯಾತರ ಅಭಿವೃದ್ಧಿ ನಿಗಮದಲ್ಲಿ 2013-14 ರಿಂದ 2018-19ನೇ ಸಾಲಿನವರೆಗೆ ವಿವಿಧ ಯೋಜನೆಯಡಿ ನೀಡಲಾಗಿರುವ ಸಾಲವನ್ನು ಒ.ಟಿ.ಎಸ್ ಮೂಲಕ ವಸೂಲಾತಿಗೆ ತೀರ್ಮಾನ.
■ 5 ಮೌಲಾನಾ ಆಜಾದ್ ಮಾದರಿ ಶಾಲೆಗಳು ಹಾಗೂ 18 ವಸತಿ ನಿಲಯಗಳ ನಿರ್ಮಾಣಕ್ಕಾಗಿ 17.71 ಕೋಟಿ ರೂ.ಗಳ ಅಂದಾಜು ಮೊತ್ತದಲ್ಲಿ ಸಿಎ ನಿವೇಶನ ಖರೀದಿಸಲು ಒಪ್ಪಿಗೆ.
■ ಜಿಬಿಎ ವ್ಯಾಪ್ತಿಯಲ್ಲಿ ಅರ್ಹ ಬೀದಿಬದಿ ವ್ಯಾಪಾರಿಗಳಿಗೆ ಆಟೋ ಅಥವಾ ಕಾರು ಖರೀದಿಸಲು 42.84 ಕೋಟಿ ರೂ. ಸಹಾಯಧನ ನೀಡಲು ಆಡಳಿತಾತ್ಮಕ ಅನುಮೋದನೆ.
ಗುತ್ತಿಗೆ ಅವಧಿ ಮುಗಿದ ಕೇಂದ್ರ ಪಾಲಿಕೆ ಆಸ್ತಿ ವಶಕ್ಕೆ ಸೂಚನೆ
● ಸುದ್ದಿಮೂಲ ವಾರ್ತೆ
ಬೆಂಗಳೂರು, ಫೆ.05:

ಗುತ್ತಿಗೆ ಅವಧಿ ಮುಗಿದ ಬೆಂಗಳೂರು ಕೇಂದ್ರ ನಗರ ಪಾಲಿಕೆ ಸೇರಿದ ಸ್ವತ್ತುಗಳನ್ನು ವಶಕ್ಕೆ ಪಡೆಯುವಂತೆ ಪಾಲಿಕೆ ಆಯುಕ್ತರು ಅಧಿಕಾರಿಗಳಿಗೆ ಸೂಚನೆ ನೀಡಿದರು.

ಕಂದಾಯ ವಿಭಾಗದ ಪ್ರಗತಿ ಪರಿಶೀಲನಾ ಸಭೆಯಲ್ಲಿ ಮಾತನಾಡಿದ ಅವರು, ಗುತ್ತಿಗೆ ಅವಧಿ ಮುಕ್ತಾಯಗೊಂಡ ಆಸ್ತಿಗಳನ್ನು ಪರಿಶೀಲಿಸಿ ಕ್ರಮ ಕೈಗೊಳ್ಳಬೇಕು ಎಂದರು.

ಬೆಂಗಳೂರು ಕೇಂದ್ರ ನಗರ ಪಾಲಿಕೆ ಸೇರಿದ ಸ್ವತ್ತುಗಳ ವಿವರವನ್ನು ಸಂಗ್ರಹಿಸಿ ಅಧಿಕಾರಿಗಳು ಸ್ಥಳ ಪರಿಶೀಲನೆ ನಡೆಸಬೇಕು. ಅನಧಿಕೃತವಾಗಿ ಒತ್ತುವರಿ ಮಾಡಿಕೊಂಡಿರುವ ಆಸ್ತಿಗಳನ್ನು ತೆರವುಗೊಳಿಸಿ ಪಾಲಿಕೆ ವಶಕ್ಕೆ ಪಡೆಯಬೇಕು.

ಆಸ್ತಿ ತೆರಿಗೆ ಸಂಗ್ರಹಣೆಯಲ್ಲಿ ಪ್ರಗತಿ ಸಾಧಿಸಬೇಕು. ಬಾಕಿ ಉಳಿಸಿಕೊಂಡಿರುವವರಿಗೆ ನೋಟಿಸ್ ನೀಡಿ ವಸೂಲಿ ಮಾಡಬೇಕು ಎಂದು ಸೂಚಿಸಿದರು.

●2ನೇ ಪುಟಕ್ಕೆ
ಮಾಹಿತಿ ನೀಡದ 241 ಅಧಿಕಾರಿಗಳಿಗೆ 45.29 ಲಕ್ಷ ರೂ. ದಂಡ
36,474 ಮೇಲ್ಮನವಿ ವಿಲೇವಾರಿ ಮಾಡಿದ ಮಾಹಿತಿ ಆಯೋಗ
● ಸುದ್ದಿಮೂಲ ವಾರ್ತೆ
ಬೆಂಗಳೂರು, ಫೆ.05:

ರಾಜ್ಯ ಮಾಹಿತಿ ಆಯೋಗ ಕಳೆದ ಒಂದು ವರ್ಷದಲ್ಲಿ ಮಾಹಿತಿ ನೀಡದ ಅಧಿಕಾರಿಗಳಿಗೆ ದಂಡ, ಶಿಸ್ತುಕ್ರಮಕ್ಕೆ ಶಿಫಾರಸು ಮಾಡಿದೆ. 36474 ಮೇಲ್ಮನವಿ ವಿಲೇವಾರಿ ಮಾಡಿದೆ ಎಂದು ಆಯೋಗದ ಮುಖ್ಯ ಆಯುಕ್ತ ಕೆ.ರಾಮನ್ ತಿಳಿಸಿದ್ದಾರೆ.

2005ರ ಫೆಬ್ರವರಿ 4 ರಂದು ಒಂದು ಜನ ಮಾಹಿತಿ ಆಯುಕ್ತರನ್ನು ನೇಮಕ ಮಾಡಿದ್ದು, ಡಿಸೆಂಬರ್‌ನಲ್ಲಿ ಮೂವರು ಮಾಹಿತಿ ಆಯುಕ್ತರು ನೇಮಕಗೊಂಡಿದ್ದಾರೆ. 2023 ರಿಂದ 2025ರ ಫೆಬ್ರವರಿ ತನಕ ಕೇವಲ ಮೂರು ಜನ ಮಾತ್ರ ಆಯುಕ್ತರು ಕಾರ್ಯ ನಿರ್ವಹಿಸುತ್ತಿದ್ದರು.

ಆದರೆ ಒಂದು ವರ್ಷದ ಅವಧಿಯಲ್ಲಿ ದ್ವಿತೀಯ ಮೇಲ್ಮನವಿ ಅರ್ಜಿಗಳ ವಿಲೇವಾರಿ ವೇಗ ಹೆಚ್ಚಿದೆ.

ಪೀಠ	ಹಂಚಿಕೆಯಾದ ಅರ್ಜಿಗಳು	ವಿಲೇವಾರಿಯಾದ ಅರ್ಜಿಗಳು
ಪೀಠ-1	7267	4731
ಪೀಠ-2	5792	4310
ಪೀಠ-3	5034	1866
ಪೀಠ-4	6319	5193
ಪೀಠ-5	5206	3187
ಪೀಠ-6	5488	4136
ಪೀಠ-7	4881	3612
ಪೀಠ-8	987	113
ಪೀಠ-9	953	266
ಬೆಳಗಾವಿ ಪೀಠ	1367	812
ಕಲಬುರಗಿ ಪೀಠ	4232	8248

ಫೆಬ್ರವರಿ 2025ರಲ್ಲಿ ವಿಚಾರಣೆಗೆ ಬಾಕಿ ಇದ್ದ ಹಾಗೂ ಹೊಸದಾಗಿ ಸಲ್ಲಿಕೆಯಾದ ಅರ್ಜಿಗಳು ಸೇರಿ ವಿಚಾರಣೆಗೆ 69471 ಅರ್ಜಿಗಳು ಬಾಕಿ ಇದ್ದವು. ಒಂದು ವರ್ಷದ ಅವಧಿಯಲ್ಲಿ 36474 ಅರ್ಜಿಗಳನ್ನು ಆಯುಕ್ತರು ವಿಲೇವಾರಿ ಮಾಡಿದ್ದಾರೆ. ಮೇಲ್ಮನವಿದಾರರಿಗೆ ಸೂಕ್ತ ಮಾಹಿತಿ ಅಥವಾ ಹಿಂಬರಹವನ್ನು ಕೊಡಿಸುವಲ್ಲಿ ಯಶಸ್ವಿಯಾಗಿದ್ದಾರೆ. 32997 ದ್ವಿತೀಯ ಮೇಲ್ಮನವಿ ಅರ್ಜಿಗಳು ಮಾತ್ರ ವಿಲೇವಾರಿಗೆ ಬಾಕಿ ಉಳಿದಿವೆ ಎಂದು ಅವರು ಮಾಹಿತಿ ನೀಡಿದ್ದಾರೆ.

ಹೆಚ್ಚು ದ್ವಿತೀಯ ಮೇಲ್ಮನವಿ ಬಾಕಿ ಇರುವ ಇಲಾಖೆಗಳು
ಗ್ರಾಮೀಣಾಭಿವೃದ್ಧಿ - 11195
ಕಂದಾಯ - 5384
ನಗರಾಭಿವೃದ್ಧಿ - 4336
ಶಿಕ್ಷಣ - 1537
ಸಮಾಜ ಕಲ್ಯಾಣ - 1328
ಲೋಕೋಪಯೋಗಿ - 1280
ಜಲ ಸಂಪನ್ಮೂಲ - 1047
ಆರೋಗ್ಯ - 959
ಕೈಗಾರಿಕೆ -803
ಅರಣ್ಯ -555
ಕೃಷಿ - 531
ದ್ವಿತೀಯ ಮೇಲ್ಮನವಿ ಬಾಕಿ ಇರುವ ಜಿಲ್ಲೆಗಳು
ಬೆಂಗಳೂರು ನಗರ- 6361
ಬೆಳಗಾವಿ - 3388
ರಾಯಚೂರು - 2123
ಬಾಗಲಕೋಟೆ - 1999
ವಿಜಯಪುರ - 1951
ಕೋಲಾರ - 1605
ಧಾರವಾಡ - 1483
ಕಲಬುರಗಿ - 1337
ಹಾವೇರಿ - 1033
ತುಮಕೂರು - 961
ಕಾರ್ಯಾಗಾರ: ರಾಜ್ಯ ಮಾಹಿತಿ ಆಯುಕ್ತರು ಜಿಲ್ಲಾ ಮಟ್ಟದಲ್ಲಿ ಕಾರಿಗಳಿಗೆ ನಡೆಸಿದ ಮಾಹಿತಿ ಹಕ್ಕು ಅಧಿನಿಯಮ ಸಾರ್ವಜನಿಕ ಮಾಹಿತಿ ಅಧಿಕಾರಿಗಳು ಹಾಗೂ ಪ್ರಥಮ ಮೇಲ್ಮನವಿ ಪ್ರಾಧಿ
●2ನೇ ಪುಟಕ್ಕೆ
